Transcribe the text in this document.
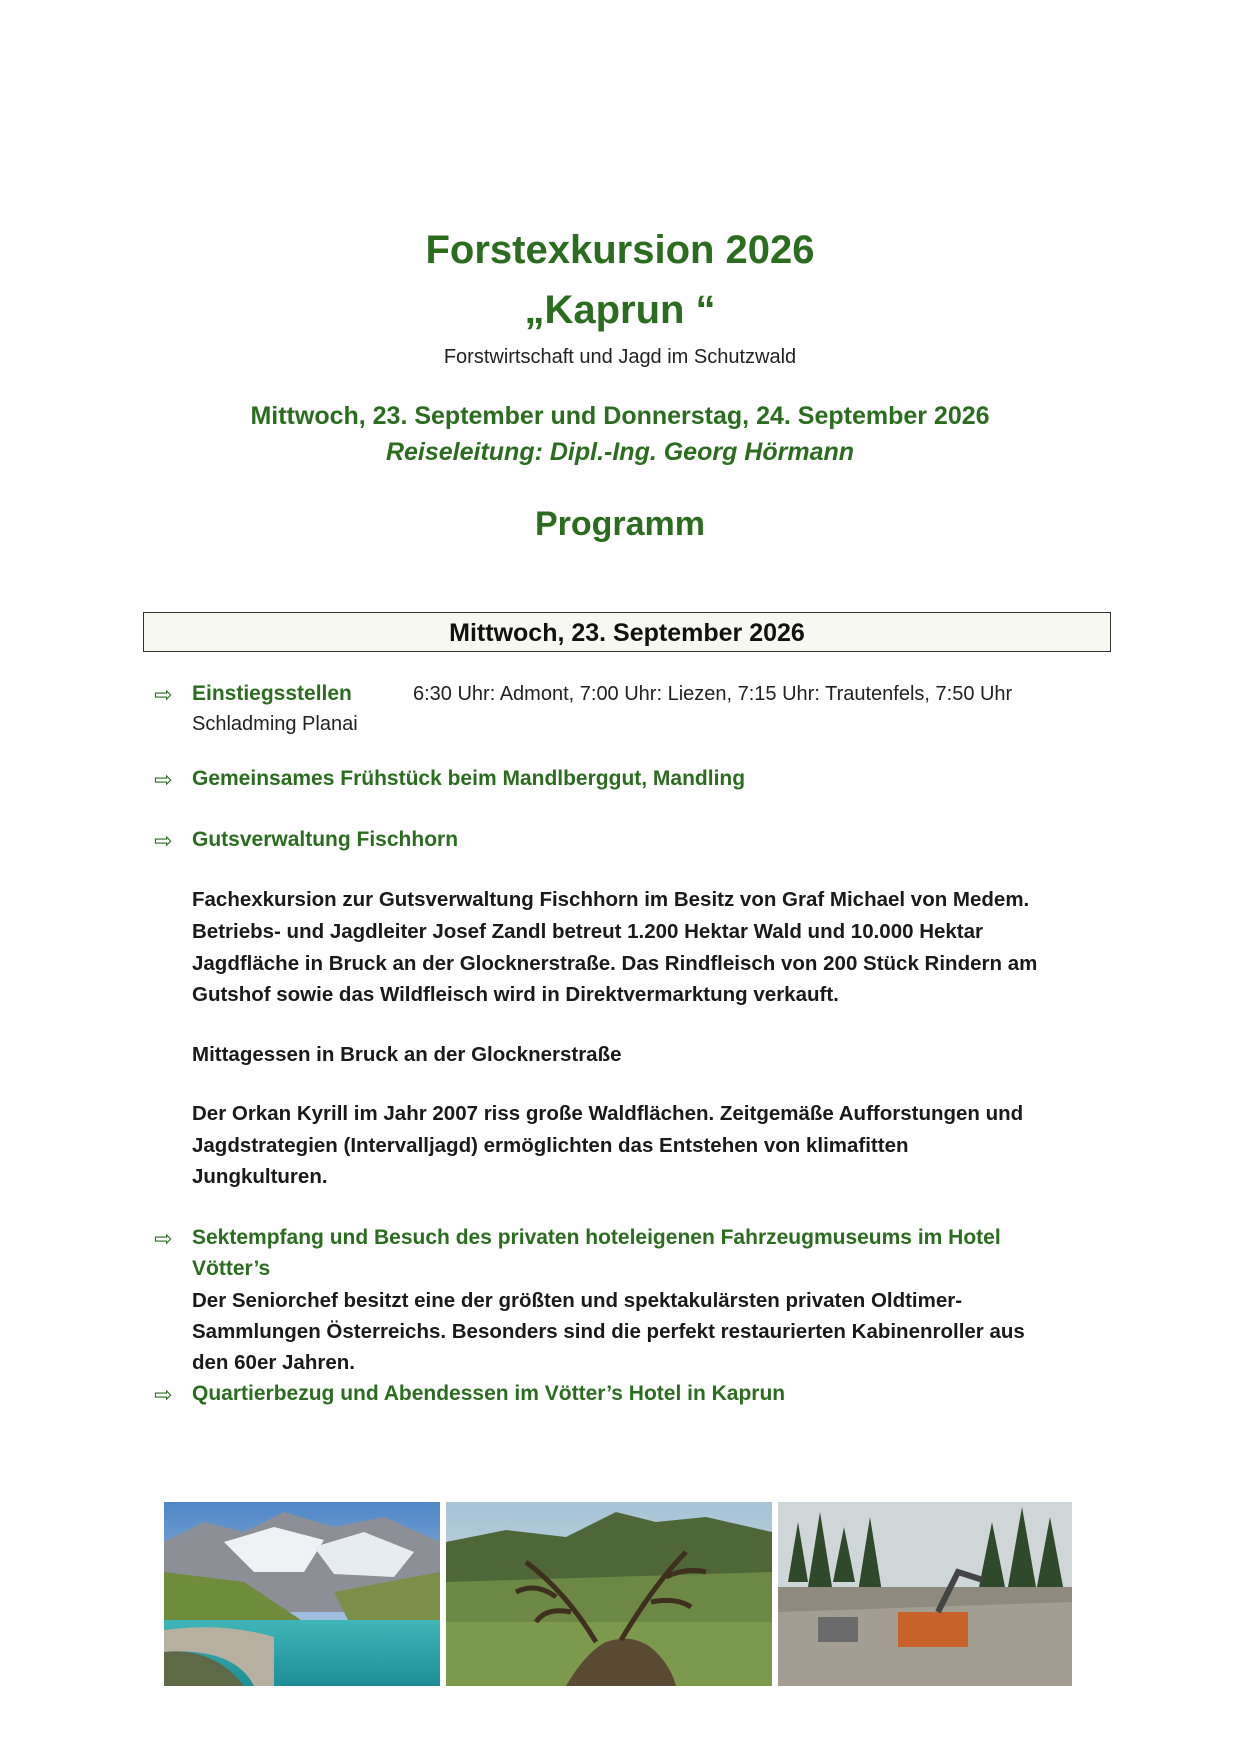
Forstexkursion 2026
„Kaprun “
Forstwirtschaft und Jagd im Schutzwald
Mittwoch, 23. September und Donnerstag, 24. September 2026
Reiseleitung: Dipl.-Ing. Georg Hörmann
Programm
Mittwoch, 23. September 2026
⇨ Einstiegsstellen	6:30 Uhr: Admont, 7:00 Uhr: Liezen, 7:15 Uhr: Trautenfels, 7:50 Uhr
Schladming Planai
⇨ Gemeinsames Frühstück beim Mandlberggut, Mandling
⇨ Gutsverwaltung Fischhorn
Fachexkursion zur Gutsverwaltung Fischhorn im Besitz von Graf Michael von Medem.
Betriebs- und Jagdleiter Josef Zandl betreut 1.200 Hektar Wald und 10.000 Hektar
Jagdfläche in Bruck an der Glocknerstraße. Das Rindfleisch von 200 Stück Rindern am
Gutshof sowie das Wildfleisch wird in Direktvermarktung verkauft.
Mittagessen in Bruck an der Glocknerstraße
Der Orkan Kyrill im Jahr 2007 riss große Waldflächen. Zeitgemäße Aufforstungen und
Jagdstrategien (Intervalljagd) ermöglichten das Entstehen von klimafitten
Jungkulturen.
⇨ Sektempfang und Besuch des privaten hoteleigenen Fahrzeugmuseums im Hotel
Vötter’s
Der Seniorchef besitzt eine der größten und spektakulärsten privaten Oldtimer-
Sammlungen Österreichs. Besonders sind die perfekt restaurierten Kabinenroller aus
den 60er Jahren.
⇨ Quartierbezug und Abendessen im Vötter’s Hotel in Kaprun
